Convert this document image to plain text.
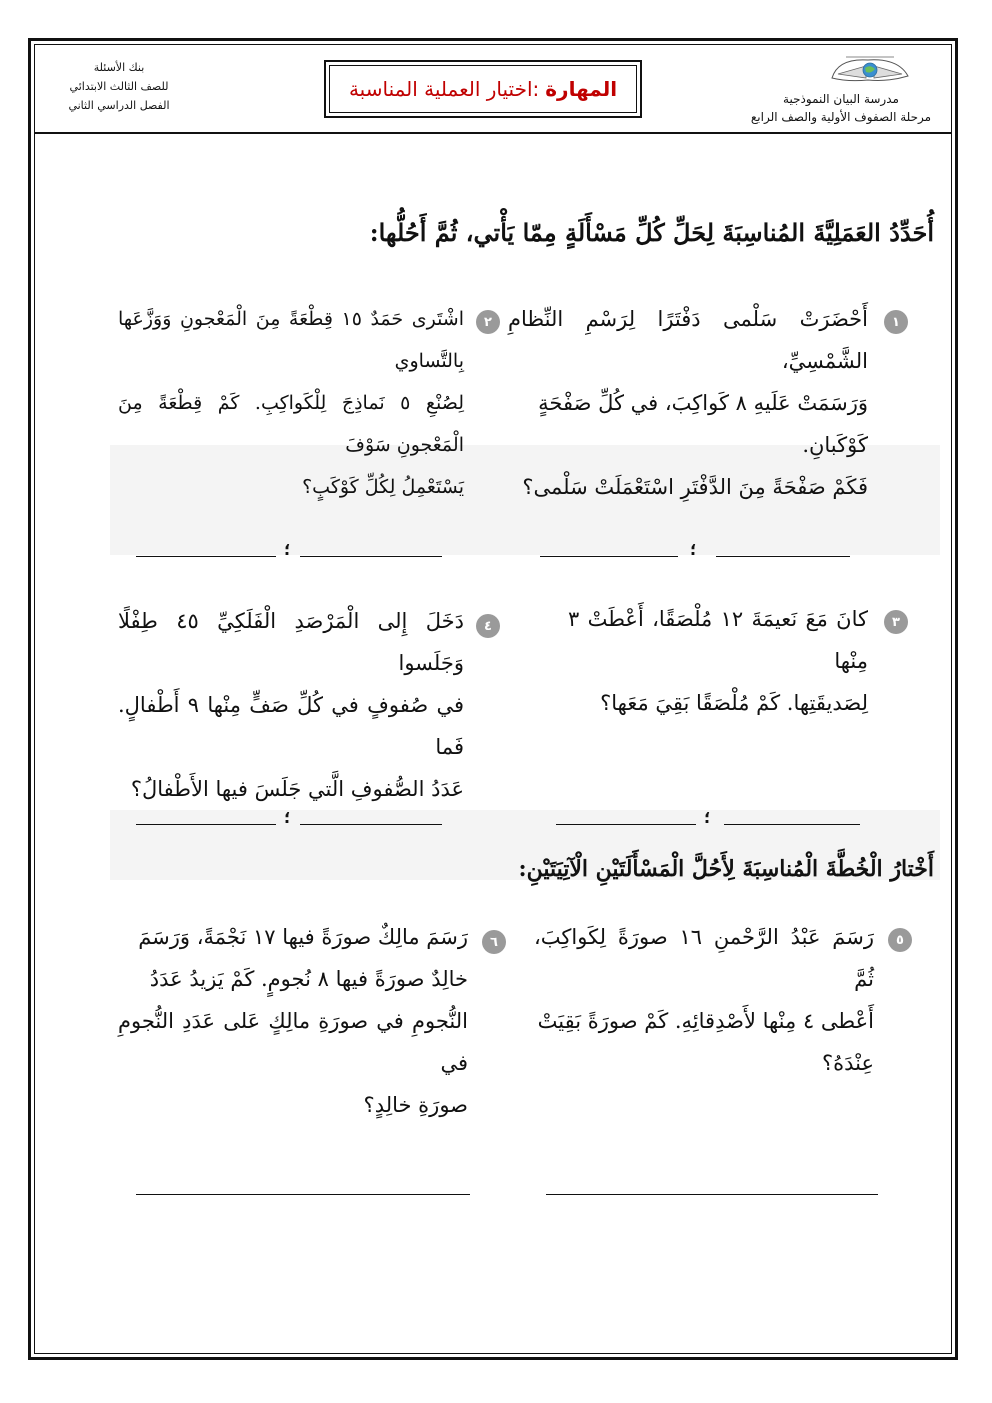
بنك الأسئلة
للصف الثالث الابتدائي
الفصل الدراسي الثاني
المهارة
:اختيار العملية المناسبة	مدرسة البيان النموذجية
مرحلة الصفوف الأولية والصف الرابع
أُحَدِّدُ العَمَلِيَّةَ المُناسِبَةَ لِحَلِّ كُلِّ مَسْأَلَةٍ مِمّا يَأْتي، ثُمَّ أَحُلُّها:
١
أَحْضَرَتْ سَلْمى دَفْتَرًا لِرَسْمِ النِّظامِ الشَّمْسِيِّ،
وَرَسَمَتْ عَلَيهِ ٨ كَواكِبَ، في كُلِّ صَفْحَةٍ
كَوْكَبانِ.
فَكَمْ صَفْحَةً مِنَ الدَّفْتَرِ اسْتَعْمَلَتْ سَلْمى؟
٢
اشْتَرى حَمَدٌ ١٥ قِطْعَةً مِنَ الْمَعْجونِ وَوَزَّعَها بِالتَّساوي
لِصُنْعِ ٥ نَماذِجَ لِلْكَواكِبِ. كَمْ قِطْعَةً مِنَ الْمَعْجونِ سَوْفَ
يَسْتَعْمِلُ لِكُلِّ كَوْكَبٍ؟
؛
؛
٣
كانَ مَعَ نَعيمَةَ ١٢ مُلْصَقًا، أَعْطَتْ ٣ مِنْها
لِصَديقَتِها. كَمْ مُلْصَقًا بَقِيَ مَعَها؟
٤
دَخَلَ إِلى الْمَرْصَدِ الْفَلَكِيِّ ٤٥ طِفْلًا وَجَلَسوا
في صُفوفٍ في كُلِّ صَفٍّ مِنْها ٩ أَطْفالٍ. فَما
عَدَدُ الصُّفوفِ الَّتي جَلَسَ فيها الأَطْفالُ؟
؛
؛
أَخْتارُ الْخُطَّةَ الْمُناسِبَةَ لِأَحُلَّ الْمَسْأَلَتَيْنِ الْآتِيَتَيْنِ:
٥
رَسَمَ عَبْدُ الرَّحْمنِ ١٦ صورَةً لِكَواكِبَ، ثُمَّ
أَعْطى ٤ مِنْها لأَصْدِقائِهِ. كَمْ صورَةً بَقِيَتْ
عِنْدَهُ؟
٦
رَسَمَ مالِكٌ صورَةً فيها ١٧ نَجْمَةً، وَرَسَمَ
خالِدٌ صورَةً فيها ٨ نُجومٍ. كَمْ يَزيدُ عَدَدُ
النُّجومِ في صورَةِ مالِكٍ عَلى عَدَدِ النُّجومِ في
صورَةِ خالِدٍ؟
